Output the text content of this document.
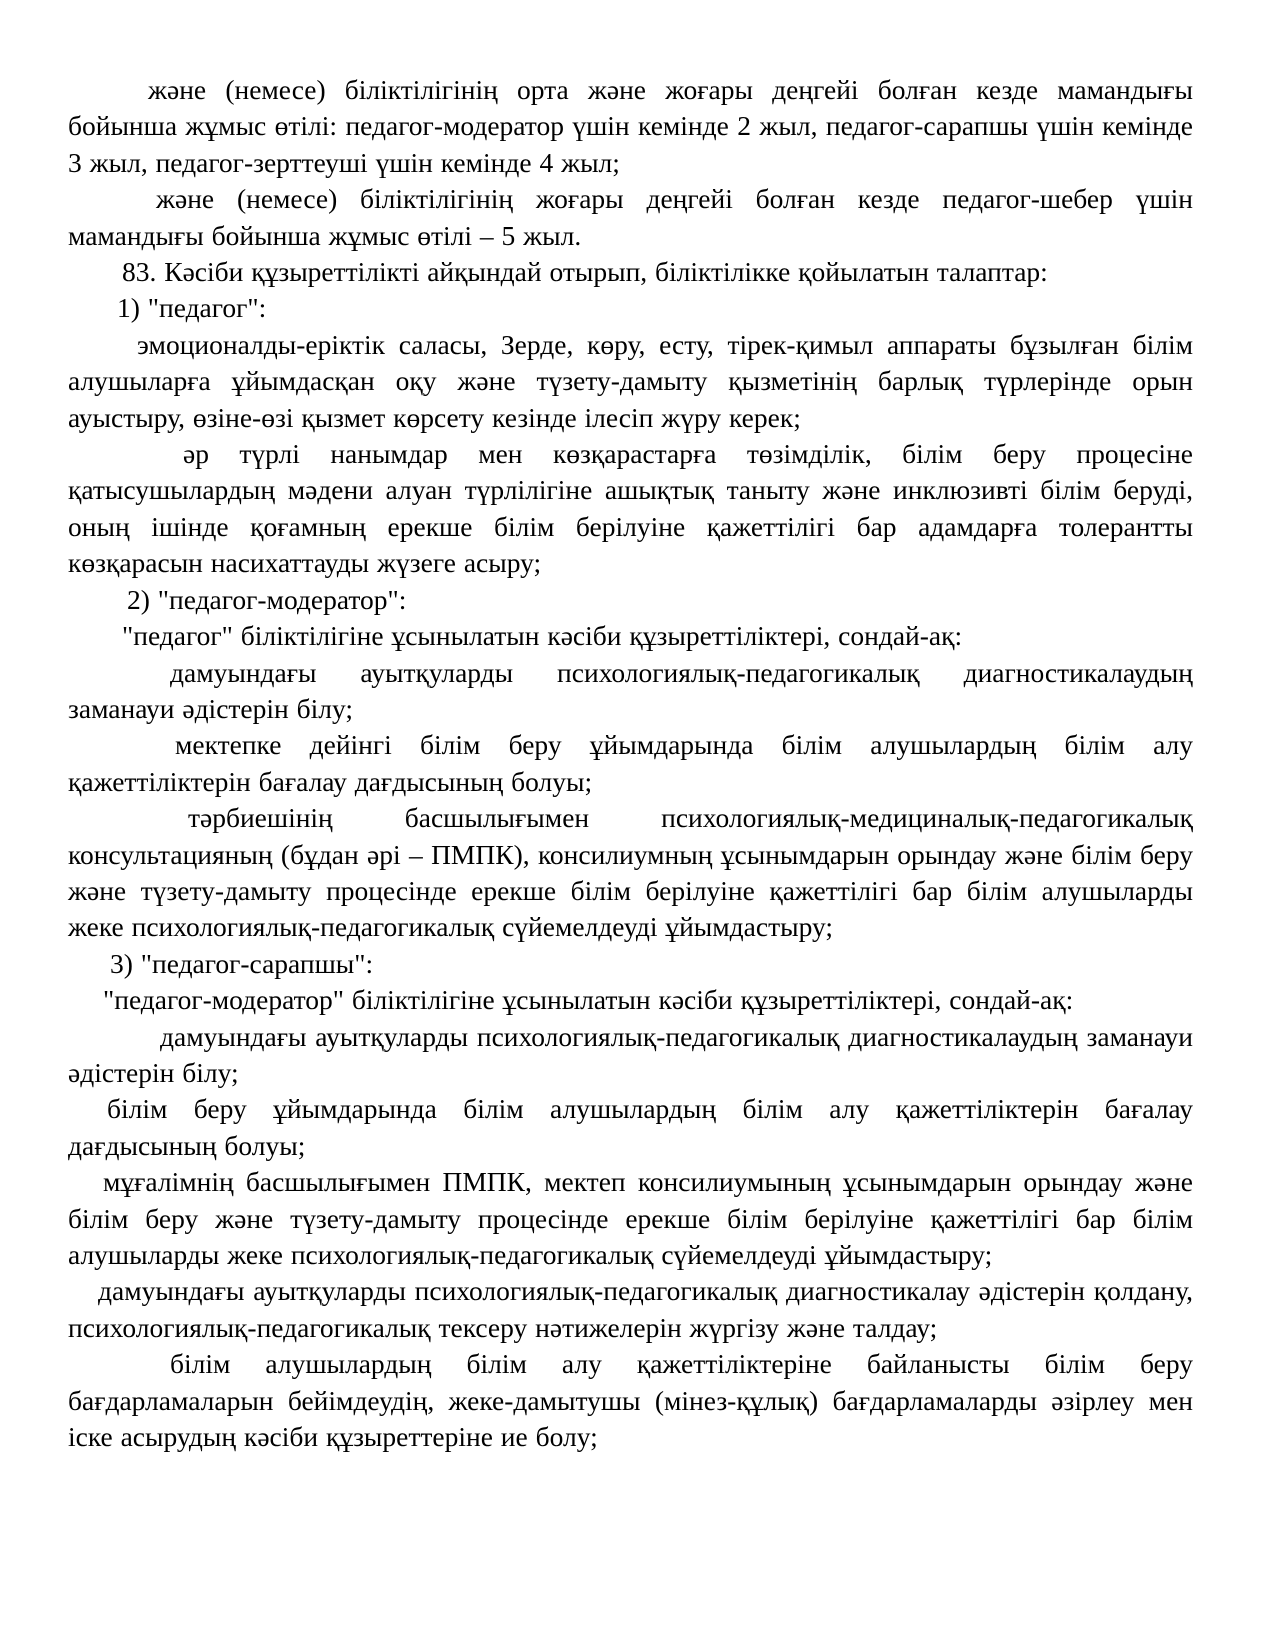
және (немесе) біліктілігінің орта және жоғары деңгейі болған кезде мамандығы бойынша жұмыс өтілі: педагог-модератор үшін кемінде 2 жыл, педагог-сарапшы үшін кемінде 3 жыл, педагог-зерттеуші үшін кемінде 4 жыл;

және (немесе) біліктілігінің жоғары деңгейі болған кезде педагог-шебер үшін мамандығы бойынша жұмыс өтілі – 5 жыл.

83. Кәсіби құзыреттілікті айқындай отырып, біліктілікке қойылатын талаптар:

1) "педагог":

эмоционалды-еріктік саласы, Зерде, көру, есту, тірек-қимыл аппараты бұзылған білім алушыларға ұйымдасқан оқу және түзету-дамыту қызметінің барлық түрлерінде орын ауыстыру, өзіне-өзі қызмет көрсету кезінде ілесіп жүру керек;

әр түрлі нанымдар мен көзқарастарға төзімділік, білім беру процесіне қатысушылардың мәдени алуан түрлілігіне ашықтық таныту және инклюзивті білім беруді, оның ішінде қоғамның ерекше білім берілуіне қажеттілігі бар адамдарға толерантты көзқарасын насихаттауды жүзеге асыру;

2) "педагог-модератор":

"педагог" біліктілігіне ұсынылатын кәсіби құзыреттіліктері, сондай-ақ:

дамуындағы ауытқуларды психологиялық-педагогикалық диагностикалаудың заманауи әдістерін білу;

мектепке дейінгі білім беру ұйымдарында білім алушылардың білім алу қажеттіліктерін бағалау дағдысының болуы;

тәрбиешінің басшылығымен психологиялық-медициналық-педагогикалық консультацияның (бұдан әрі – ПМПК), консилиумның ұсынымдарын орындау және білім беру және түзету-дамыту процесінде ерекше білім берілуіне қажеттілігі бар білім алушыларды жеке психологиялық-педагогикалық сүйемелдеуді ұйымдастыру;

3) "педагог-сарапшы":

"педагог-модератор" біліктілігіне ұсынылатын кәсіби құзыреттіліктері, сондай-ақ:

дамуындағы ауытқуларды психологиялық-педагогикалық диагностикалаудың заманауи әдістерін білу;

білім беру ұйымдарында білім алушылардың білім алу қажеттіліктерін бағалау дағдысының болуы;

мұғалімнің басшылығымен ПМПК, мектеп консилиумының ұсынымдарын орындау және білім беру және түзету-дамыту процесінде ерекше білім берілуіне қажеттілігі бар білім алушыларды жеке психологиялық-педагогикалық сүйемелдеуді ұйымдастыру;

дамуындағы ауытқуларды психологиялық-педагогикалық диагностикалау әдістерін қолдану, психологиялық-педагогикалық тексеру нәтижелерін жүргізу және талдау;

білім алушылардың білім алу қажеттіліктеріне байланысты білім беру бағдарламаларын бейімдеудің, жеке-дамытушы (мінез-құлық) бағдарламаларды әзірлеу мен іске асырудың кәсіби құзыреттеріне ие болу;
